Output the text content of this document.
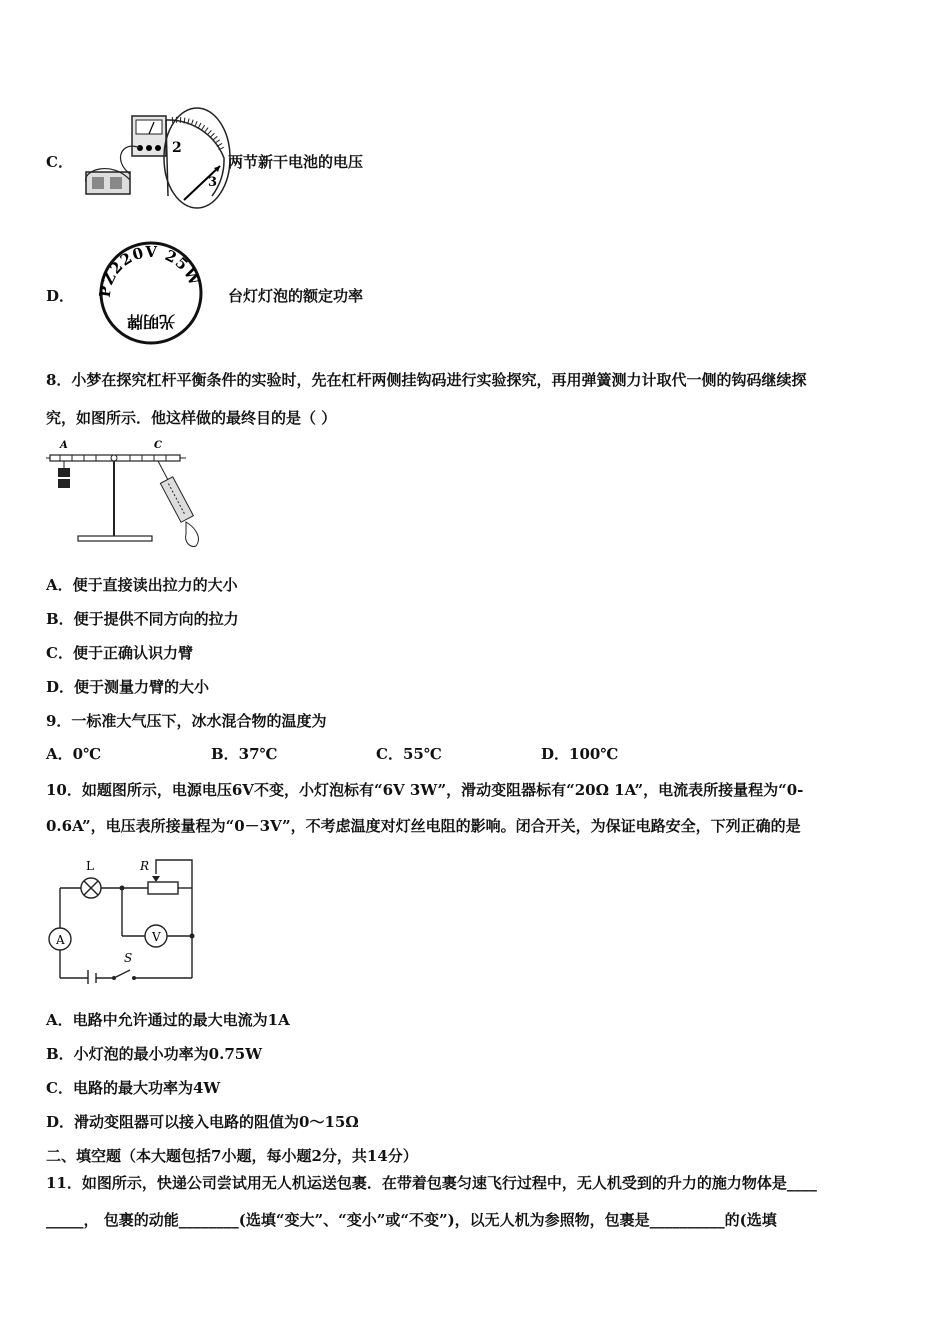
C．
2
3
两节新干电池的电压
D． PZ220V 25W
光明牌
台灯灯泡的额定功率
8．小梦在探究杠杆平衡条件的实验时，先在杠杆两侧挂钩码进行实验探究，再用弹簧测力计取代一侧的钩码继续探
究，如图所示．他这样做的最终目的是（ ）
A	C
A．便于直接读出拉力的大小
B．便于提供不同方向的拉力
C．便于正确认识力臂
D．便于测量力臂的大小
9．一标准大气压下，冰水混合物的温度为
A．0℃	B．37℃	C．55℃	D．100℃
10．如题图所示，电源电压6V不变，小灯泡标有“6V 3W”，滑动变阻器标有“20Ω 1A”，电流表所接量程为“0-
0.6A”，电压表所接量程为“0－3V”，不考虑温度对灯丝电阻的影响。闭合开关，为保证电路安全，下列正确的是
L	R
A	V
S
A．电路中允许通过的最大电流为1A
B．小灯泡的最小功率为0.75W
C．电路的最大功率为4W
D．滑动变阻器可以接入电路的阻值为0～15Ω
二、填空题（本大题包括7小题，每小题2分，共14分）
11．如图所示，快递公司尝试用无人机运送包裹．在带着包裹匀速飞行过程中，无人机受到的升力的施力物体是____
_____， 包裹的动能________(选填“变大”、“变小”或“不变”)，以无人机为参照物，包裹是__________的(选填
